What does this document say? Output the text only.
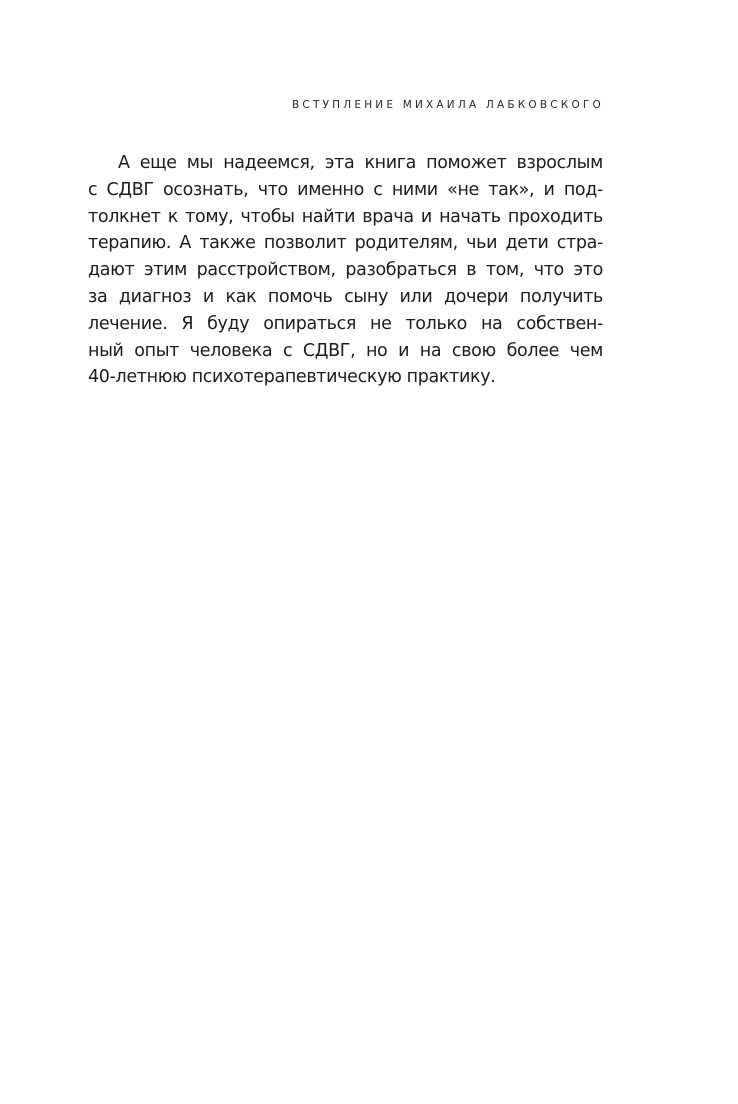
ВСТУПЛЕНИЕ МИХАИЛА ЛАБКОВСКОГО
А еще мы надеемся, эта книга поможет взрослым
с СДВГ осознать, что именно с ними «не так», и под-
толкнет к тому, чтобы найти врача и начать проходить
терапию. А также позволит родителям, чьи дети стра-
дают этим расстройством, разобраться в том, что это
за диагноз и как помочь сыну или дочери получить
лечение. Я буду опираться не только на собствен-
ный опыт человека с СДВГ, но и на свою более чем
40-летнюю психотерапевтическую практику.
